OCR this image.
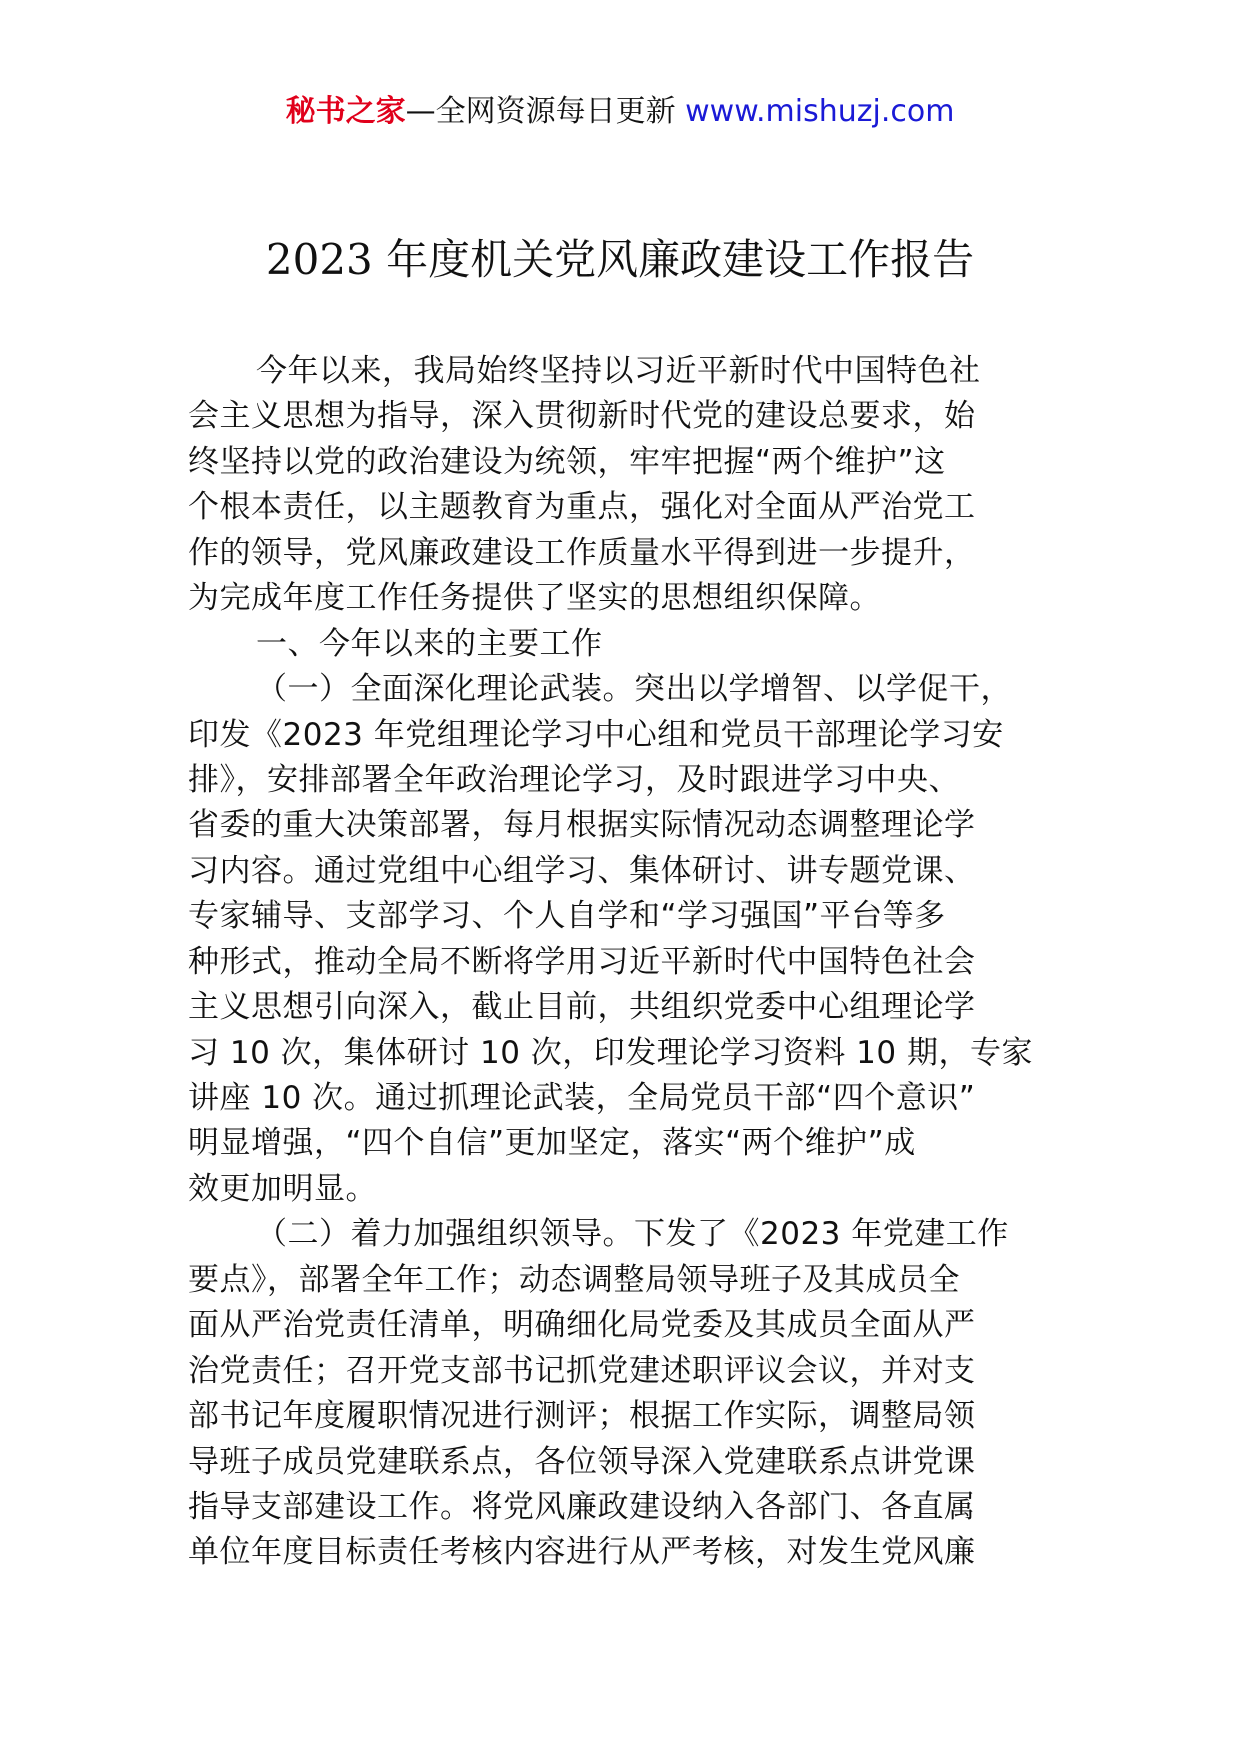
秘书之家—全网资源每日更新 www.mishuzj.com
2023 年度机关党风廉政建设工作报告
今年以来，我局始终坚持以习近平新时代中国特色社
会主义思想为指导，深入贯彻新时代党的建设总要求，始
终坚持以党的政治建设为统领，牢牢把握“两个维护”这
个根本责任，以主题教育为重点，强化对全面从严治党工
作的领导，党风廉政建设工作质量水平得到进一步提升，
为完成年度工作任务提供了坚实的思想组织保障。
一、今年以来的主要工作
（一）全面深化理论武装。突出以学增智、以学促干，
印发《2023 年党组理论学习中心组和党员干部理论学习安
排》，安排部署全年政治理论学习，及时跟进学习中央、
省委的重大决策部署，每月根据实际情况动态调整理论学
习内容。通过党组中心组学习、集体研讨、讲专题党课、
专家辅导、支部学习、个人自学和“学习强国”平台等多
种形式，推动全局不断将学用习近平新时代中国特色社会
主义思想引向深入，截止目前，共组织党委中心组理论学
习 10 次，集体研讨 10 次，印发理论学习资料 10 期，专家
讲座 10 次。通过抓理论武装，全局党员干部“四个意识”
明显增强，“四个自信”更加坚定，落实“两个维护”成
效更加明显。
（二）着力加强组织领导。下发了《2023 年党建工作
要点》，部署全年工作；动态调整局领导班子及其成员全
面从严治党责任清单，明确细化局党委及其成员全面从严
治党责任；召开党支部书记抓党建述职评议会议，并对支
部书记年度履职情况进行测评；根据工作实际，调整局领
导班子成员党建联系点，各位领导深入党建联系点讲党课
指导支部建设工作。将党风廉政建设纳入各部门、各直属
单位年度目标责任考核内容进行从严考核，对发生党风廉
